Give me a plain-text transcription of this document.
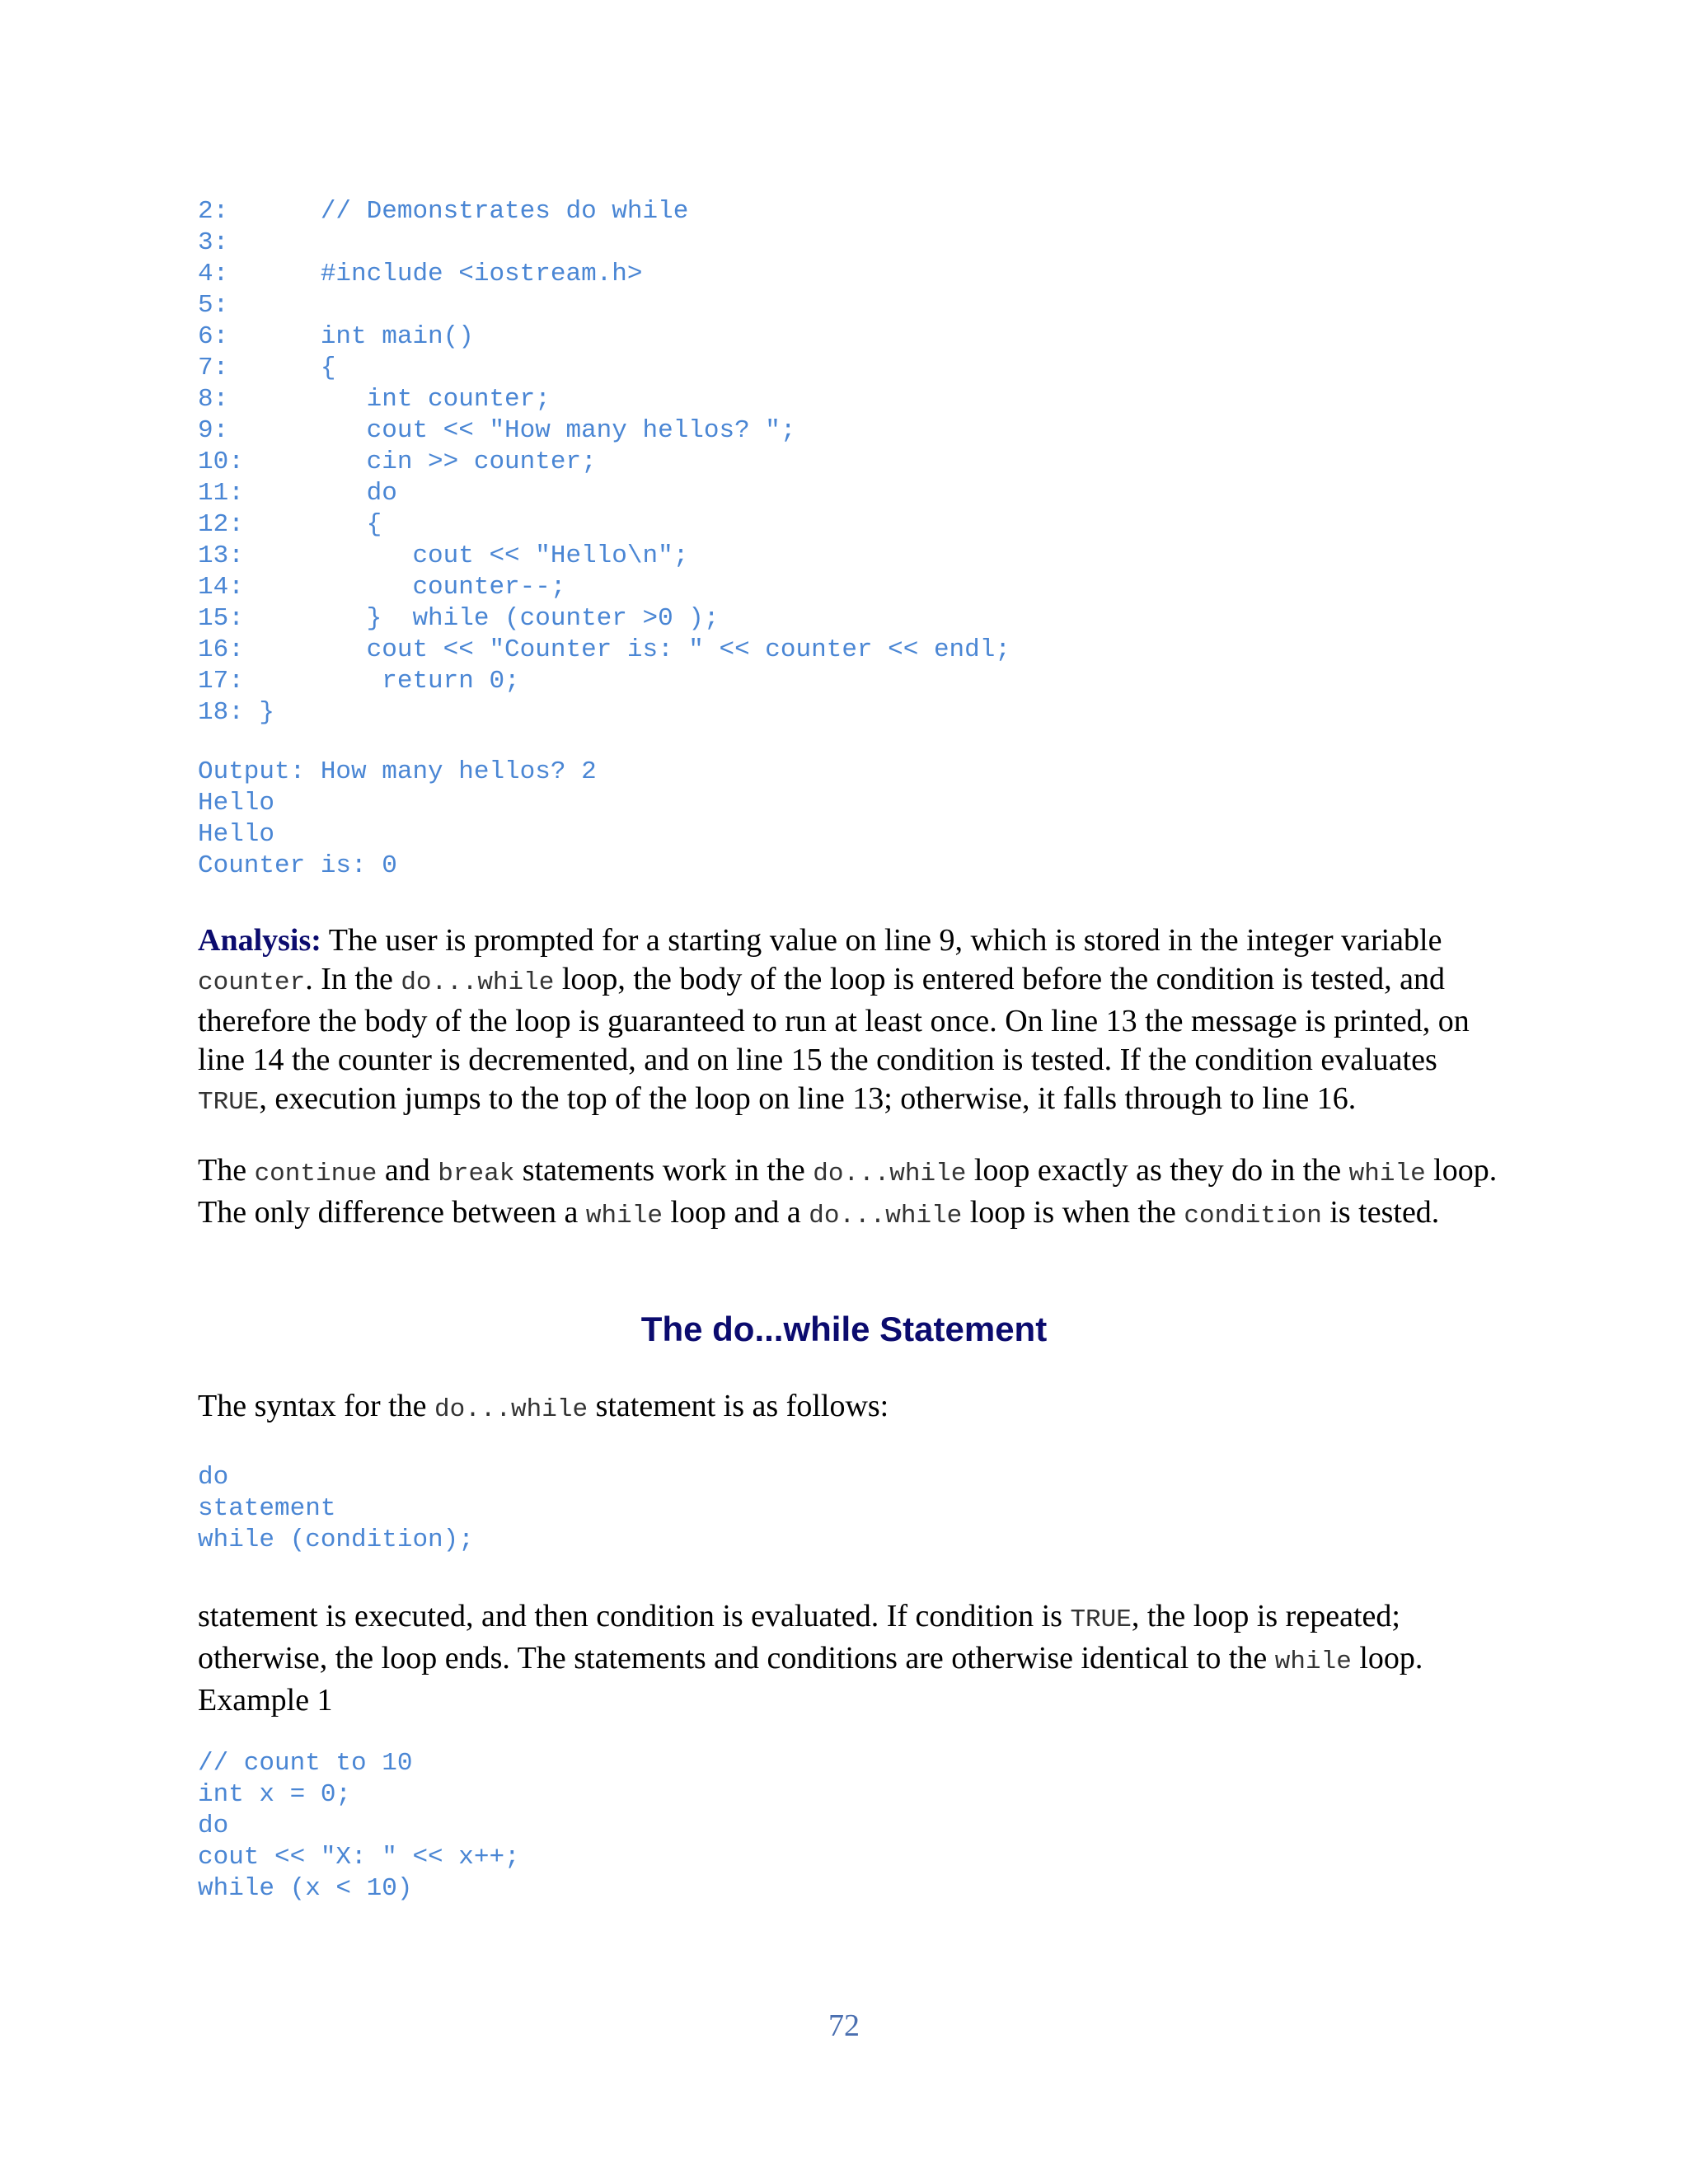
2:      // Demonstrates do while
3:
4:      #include <iostream.h>
5:
6:      int main()
7:      {
8:         int counter;
9:         cout << "How many hellos? ";
10:        cin >> counter;
11:        do
12:        {
13:           cout << "Hello\n";
14:           counter--;
15:        }  while (counter >0 );
16:        cout << "Counter is: " << counter << endl;
17:         return 0;
18: }
Output: How many hellos? 2
Hello
Hello
Counter is: 0

Analysis: The user is prompted for a starting value on line 9, which is stored in the integer variable counter. In the do...while loop, the body of the loop is entered before the condition is tested, and therefore the body of the loop is guaranteed to run at least once. On line 13 the message is printed, on line 14 the counter is decremented, and on line 15 the condition is tested. If the condition evaluates TRUE, execution jumps to the top of the loop on line 13; otherwise, it falls through to line 16.

The continue and break statements work in the do...while loop exactly as they do in the while loop. The only difference between a while loop and a do...while loop is when the condition is tested.

The do...while Statement

The syntax for the do...while statement is as follows:

do
statement
while (condition);

statement is executed, and then condition is evaluated. If condition is TRUE, the loop is repeated; otherwise, the loop ends. The statements and conditions are otherwise identical to the while loop. Example 1

// count to 10
int x = 0;
do
cout << "X: " << x++;
while (x < 10)

72
